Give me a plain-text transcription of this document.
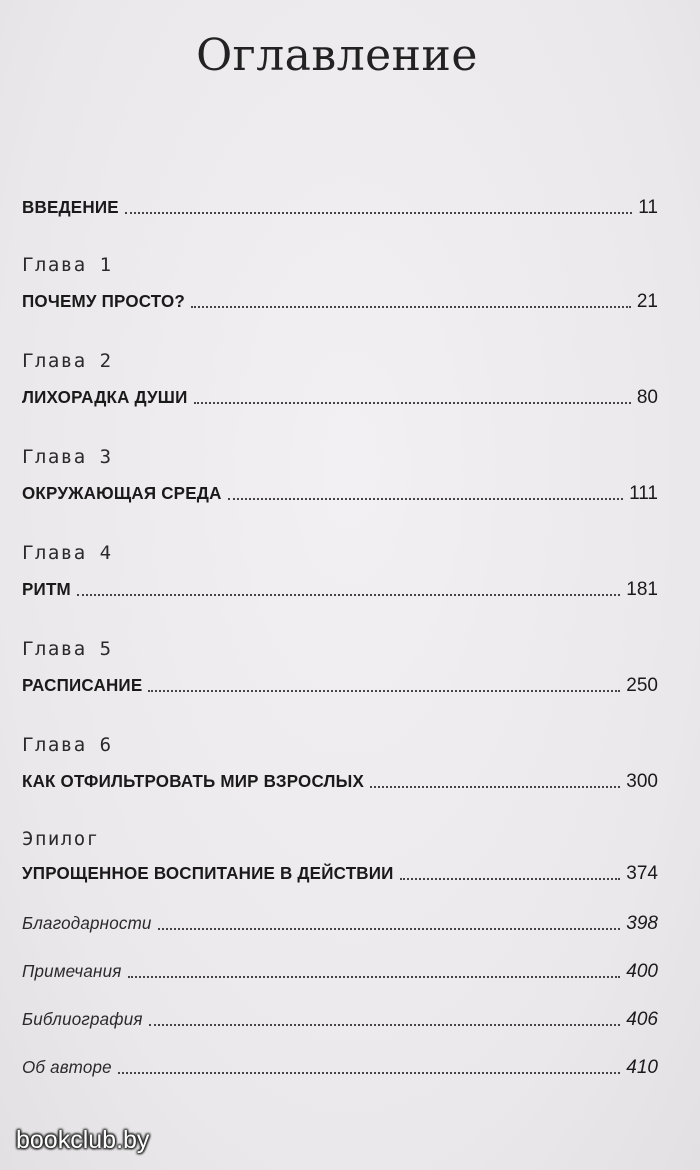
Оглавление
ВВЕДЕНИЕ	11
Глава 1
ПОЧЕМУ ПРОСТО?	21
Глава 2
ЛИХОРАДКА ДУШИ	80
Глава 3
ОКРУЖАЮЩАЯ СРЕДА	111
Глава 4
РИТМ	181
Глава 5
РАСПИСАНИЕ	250
Глава 6
КАК ОТФИЛЬТРОВАТЬ МИР ВЗРОСЛЫХ	300
Эпилог
УПРОЩЕННОЕ ВОСПИТАНИЕ В ДЕЙСТВИИ	374
Благодарности	398
Примечания	400
Библиография	406
Об авторе	410
bookclub.by
